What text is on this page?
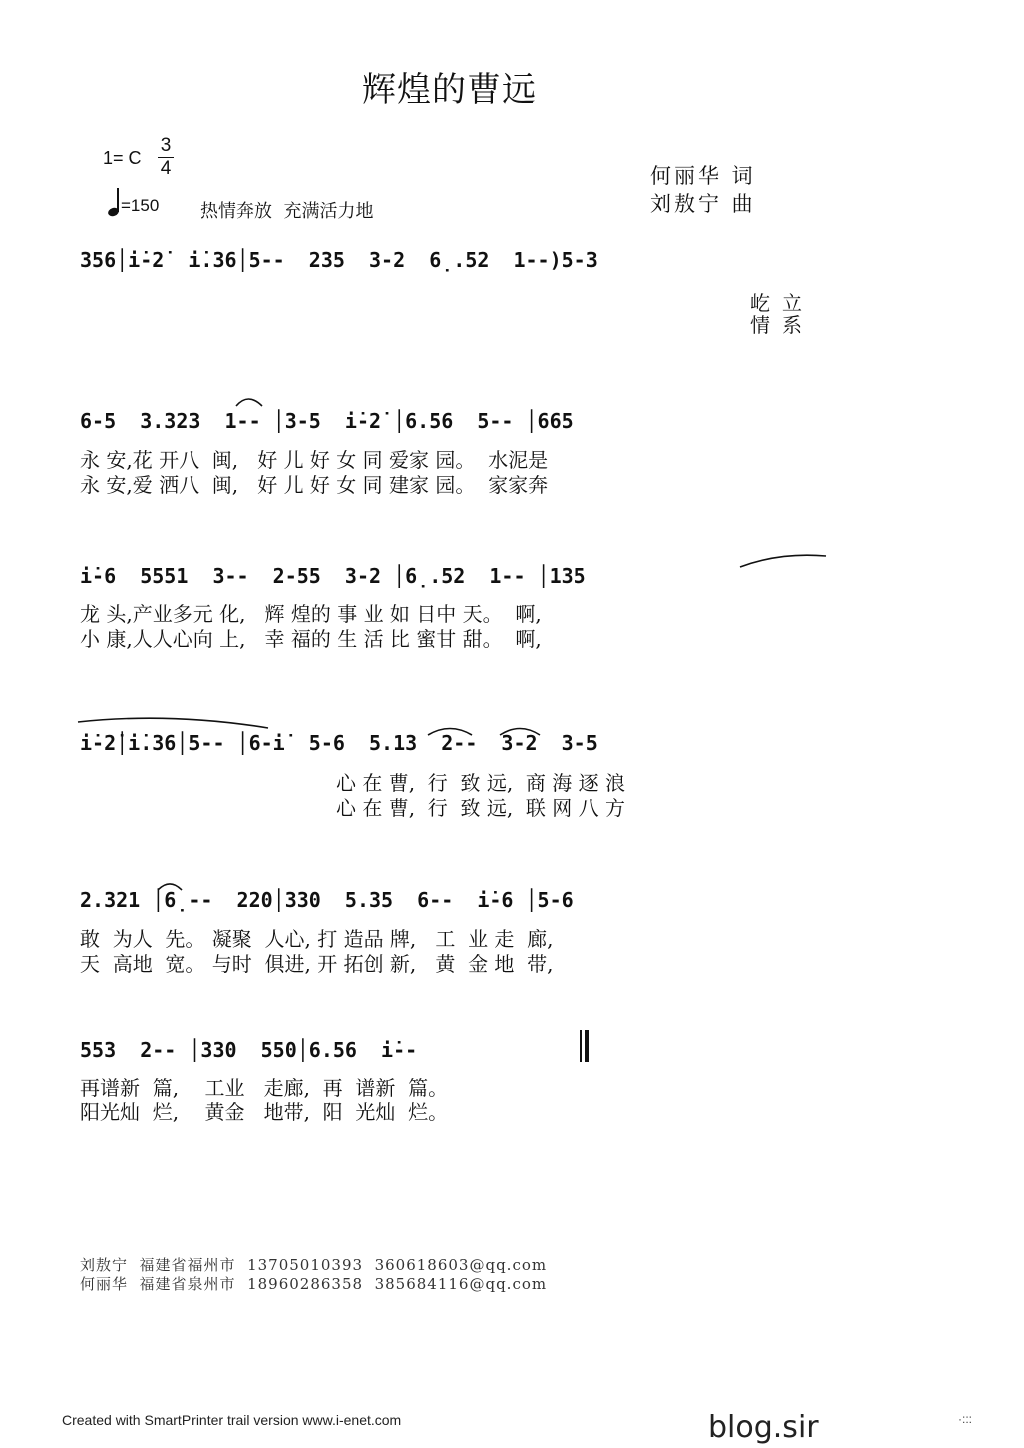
辉煌的曹远
1= C
3
4
=150 热情奔放  充满活力地
何丽华 词
刘敖宁 曲
356│i̇-2̇  i̇.36│5--  235  3-2  6̣.52  1--)5-3
屹立
情系
6-5  3.323  1-- │3-5  i̇-2̇ │6.56  5-- │665
永 安,花 开八  闽,   好 儿 好 女 同 爱家 园。  水泥是
永 安,爱 洒八  闽,   好 儿 好 女 同 建家 园。  家家奔
i̇-6  5551  3--  2-55  3-2 │6̣.52  1-- │135
龙 头,产业多元 化,   辉 煌的 事 业 如 日中 天。  啊,
小 康,人人心向 上,   幸 福的 生 活 比 蜜甘 甜。  啊,
i̇-2̇│i̇.36│5-- │6-i̇  5-6  5.13  2--  3-2  3-5
心 在 曹,  行  致 远,  商 海 逐 浪
心 在 曹,  行  致 远,  联 网 八 方
2.321 │6̣--  220│330  5.35  6--  i̇-6 │5-6
敢  为人  先。 凝聚  人心, 打 造品 牌,   工  业 走  廊,
天  高地  宽。 与时  俱进, 开 拓创 新,   黄  金 地  带,
553  2-- │330  550│6.56  i̇--
再谱新  篇,    工业   走廊,  再  谱新  篇。
阳光灿  烂,    黄金   地带,  阳  光灿  烂。
刘敖宁  福建省福州市  13705010393  360618603@qq.com
何丽华  福建省泉州市  18960286358  385684116@qq.com
Created with SmartPrinter trail version www.i-enet.com	blog.sir	·:::
